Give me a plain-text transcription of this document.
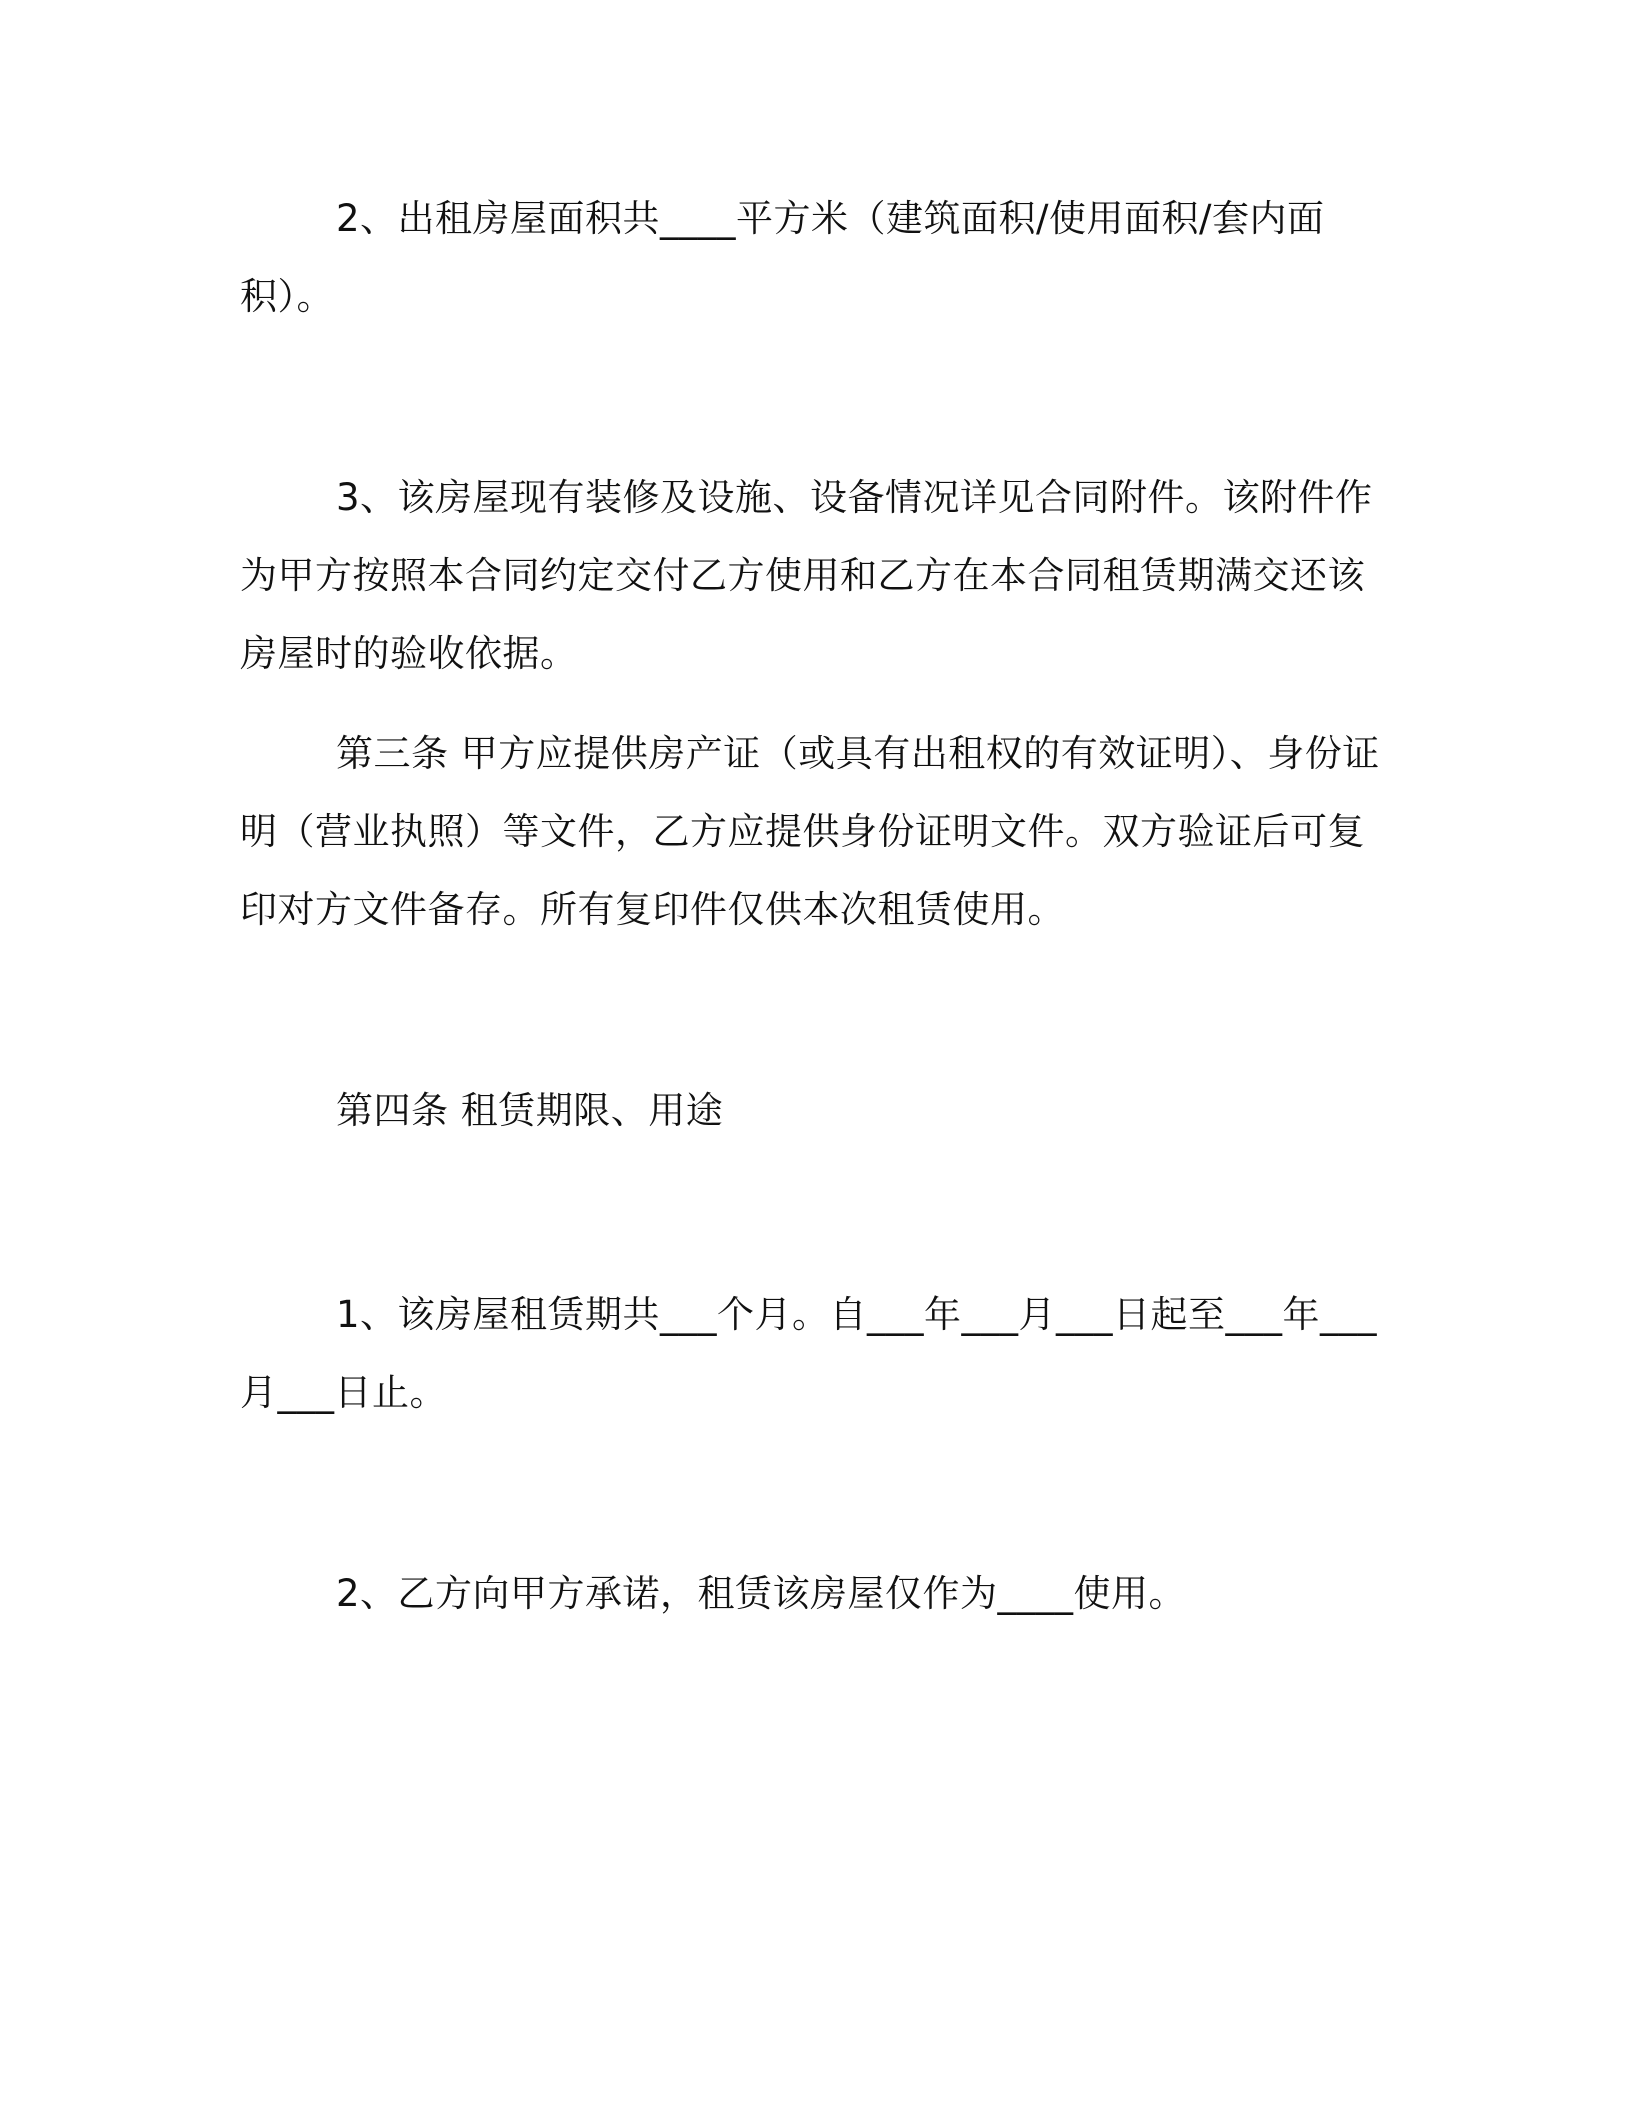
2、出租房屋面积共____平方米（建筑面积/使用面积/套内面积）。

3、该房屋现有装修及设施、设备情况详见合同附件。该附件作为甲方按照本合同约定交付乙方使用和乙方在本合同租赁期满交还该房屋时的验收依据。

第三条 甲方应提供房产证（或具有出租权的有效证明）、身份证明（营业执照）等文件，乙方应提供身份证明文件。双方验证后可复印对方文件备存。所有复印件仅供本次租赁使用。

第四条 租赁期限、用途

1、该房屋租赁期共___个月。自___年___月___日起至___年___月___日止。

2、乙方向甲方承诺，租赁该房屋仅作为____使用。
